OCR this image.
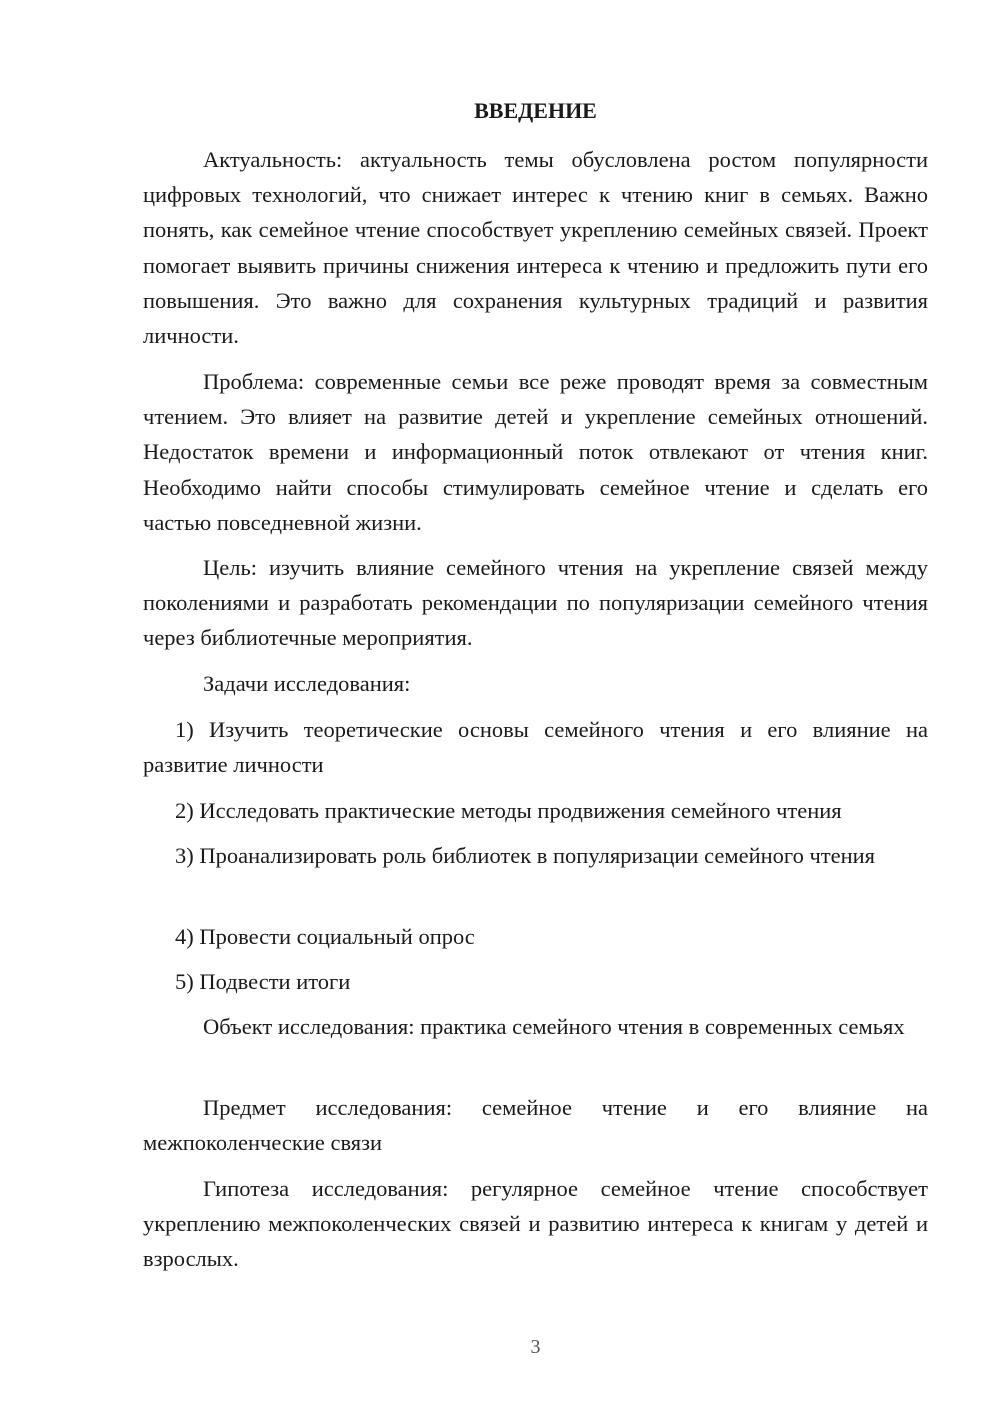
ВВЕДЕНИЕ

Актуальность: актуальность темы обусловлена ростом популярности цифровых технологий, что снижает интерес к чтению книг в семьях. Важно понять, как семейное чтение способствует укреплению семейных связей. Проект помогает выявить причины снижения интереса к чтению и предложить пути его повышения. Это важно для сохранения культурных традиций и развития личности.

Проблема: современные семьи все реже проводят время за совместным чтением. Это влияет на развитие детей и укрепление семейных отношений. Недостаток времени и информационный поток отвлекают от чтения книг. Необходимо найти способы стимулировать семейное чтение и сделать его частью повседневной жизни.

Цель: изучить влияние семейного чтения на укрепление связей между поколениями и разработать рекомендации по популяризации семейного чтения через библиотечные мероприятия.

Задачи исследования:

1) Изучить теоретические основы семейного чтения и его влияние на развитие личности

2) Исследовать практические методы продвижения семейного чтения

3) Проанализировать роль библиотек в популяризации семейного чтения

4) Провести социальный опрос

5) Подвести итоги

Объект исследования: практика семейного чтения в современных семьях

Предмет исследования: семейное чтение и его влияние на межпоколенческие связи

Гипотеза исследования: регулярное семейное чтение способствует укреплению межпоколенческих связей и развитию интереса к книгам у детей и взрослых.

3
